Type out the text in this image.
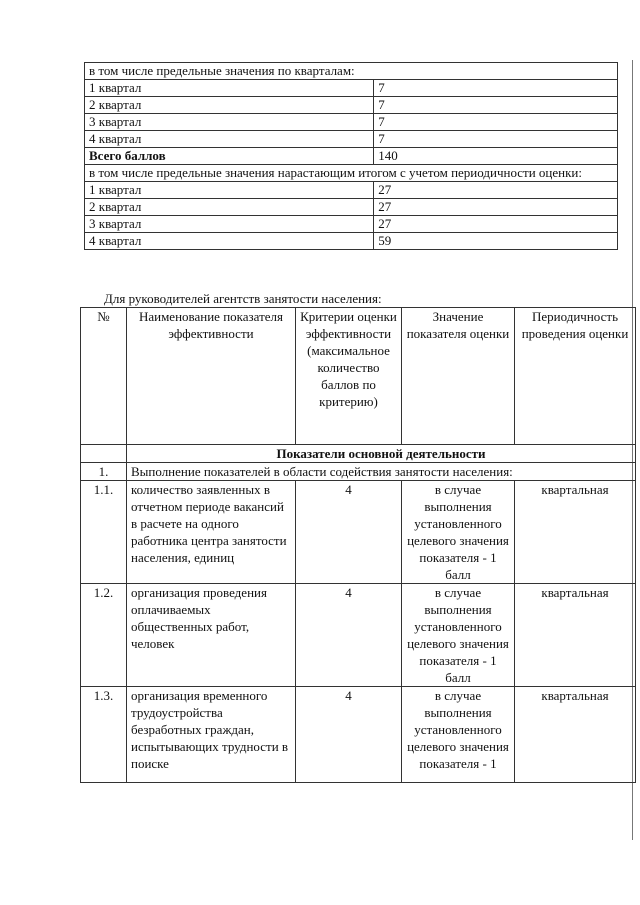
в том числе предельные значения по кварталам:	
1 квартал	7
2 квартал	7
3 квартал	7
4 квартал	7
Всего баллов	140
в том числе предельные значения нарастающим итогом с учетом периодичности оценки:	
1 квартал	27
2 квартал	27
3 квартал	27
4 квартал	59
Для руководителей агентств занятости населения:
№	Наименование показателя эффективности	Критерии оценки эффективности (максимальное количество баллов по критерию)	Значение показателя оценки	Периодичность проведения оценки
	Показатели основной деятельности			
1.	Выполнение показателей в области содействия занятости населения:			
1.1.	количество заявленных в отчетном периоде вакансий в расчете на одного работника центра занятости населения, единиц	4	в случае выполнения установленного целевого значения показателя - 1 балл	квартальная
1.2.	организация проведения оплачиваемых общественных работ, человек	4	в случае выполнения установленного целевого значения показателя - 1 балл	квартальная
1.3.	организация временного трудоустройства безработных граждан, испытывающих трудности в поиске	4	в случае выполнения установленного целевого значения показателя - 1	квартальная
